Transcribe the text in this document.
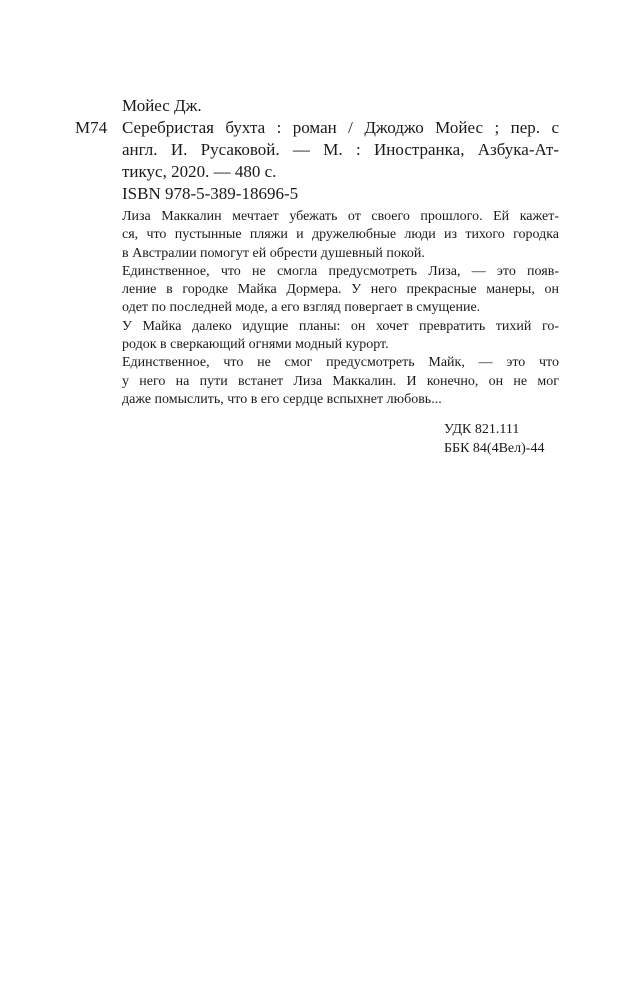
Мойес Дж.
М74 Серебристая бухта : роман / Джоджо Мойес ; пер. с
англ. И. Русаковой. — М. : Иностранка, Азбука-Ат-
тикус, 2020. — 480 с.
ISBN 978-5-389-18696-5
Лиза Маккалин мечтает убежать от своего прошлого. Ей кажет-
ся, что пустынные пляжи и дружелюбные люди из тихого городка
в Австралии помогут ей обрести душевный покой.
Единственное, что не смогла предусмотреть Лиза, — это появ-
ление в городке Майка Дормера. У него прекрасные манеры, он
одет по последней моде, а его взгляд повергает в смущение.
У Майка далеко идущие планы: он хочет превратить тихий го-
родок в сверкающий огнями модный курорт.
Единственное, что не смог предусмотреть Майк, — это что
у него на пути встанет Лиза Маккалин. И конечно, он не мог
даже помыслить, что в его сердце вспыхнет любовь...
УДК 821.111
ББК 84(4Вел)-44
